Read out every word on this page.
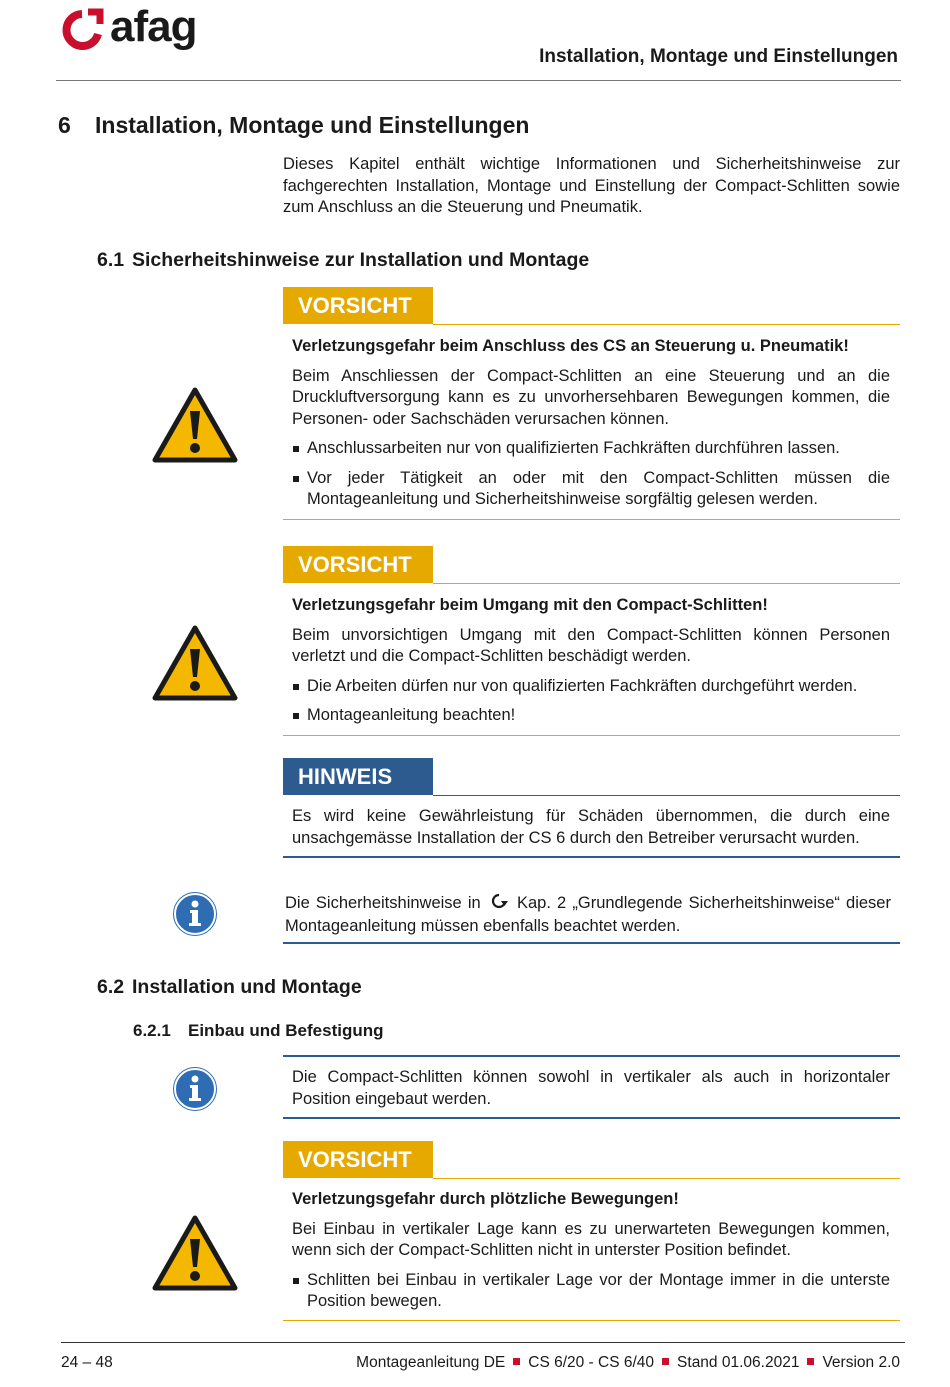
afag
Installation, Montage und Einstellungen
6 Installation, Montage und Einstellungen
Dieses Kapitel enthält wichtige Informationen und Sicherheitshinweise zur fachgerechten Installation, Montage und Einstellung der Compact-Schlitten sowie zum Anschluss an die Steuerung und Pneumatik.
6.1 Sicherheitshinweise zur Installation und Montage
VORSICHT
Verletzungsgefahr beim Anschluss des CS an Steuerung u. Pneumatik!
Beim Anschliessen der Compact-Schlitten an eine Steuerung und an die Druckluftversorgung kann es zu unvorhersehbaren Bewegungen kommen, die Personen- oder Sachschäden verursachen können.
Anschlussarbeiten nur von qualifizierten Fachkräften durchführen lassen.
Vor jeder Tätigkeit an oder mit den Compact-Schlitten müssen die Montageanleitung und Sicherheitshinweise sorgfältig gelesen werden.
VORSICHT
Verletzungsgefahr beim Umgang mit den Compact-Schlitten!
Beim unvorsichtigen Umgang mit den Compact-Schlitten können Personen verletzt und die Compact-Schlitten beschädigt werden.
Die Arbeiten dürfen nur von qualifizierten Fachkräften durchgeführt werden.
Montageanleitung beachten!
HINWEIS
Es wird keine Gewährleistung für Schäden übernommen, die durch eine unsachgemässe Installation der CS 6 durch den Betreiber verursacht wurden.
Die Sicherheitshinweise in Kap. 2 „Grundlegende Sicherheitshinweise“ dieser Montageanleitung müssen ebenfalls beachtet werden.
6.2 Installation und Montage
6.2.1 Einbau und Befestigung
Die Compact-Schlitten können sowohl in vertikaler als auch in horizontaler Position eingebaut werden.
VORSICHT
Verletzungsgefahr durch plötzliche Bewegungen!
Bei Einbau in vertikaler Lage kann es zu unerwarteten Bewegungen kommen, wenn sich der Compact-Schlitten nicht in unterster Position befindet.
Schlitten bei Einbau in vertikaler Lage vor der Montage immer in die unterste Position bewegen.
24 – 48	Montageanleitung DE CS 6/20 - CS 6/40 Stand 01.06.2021 Version 2.0
